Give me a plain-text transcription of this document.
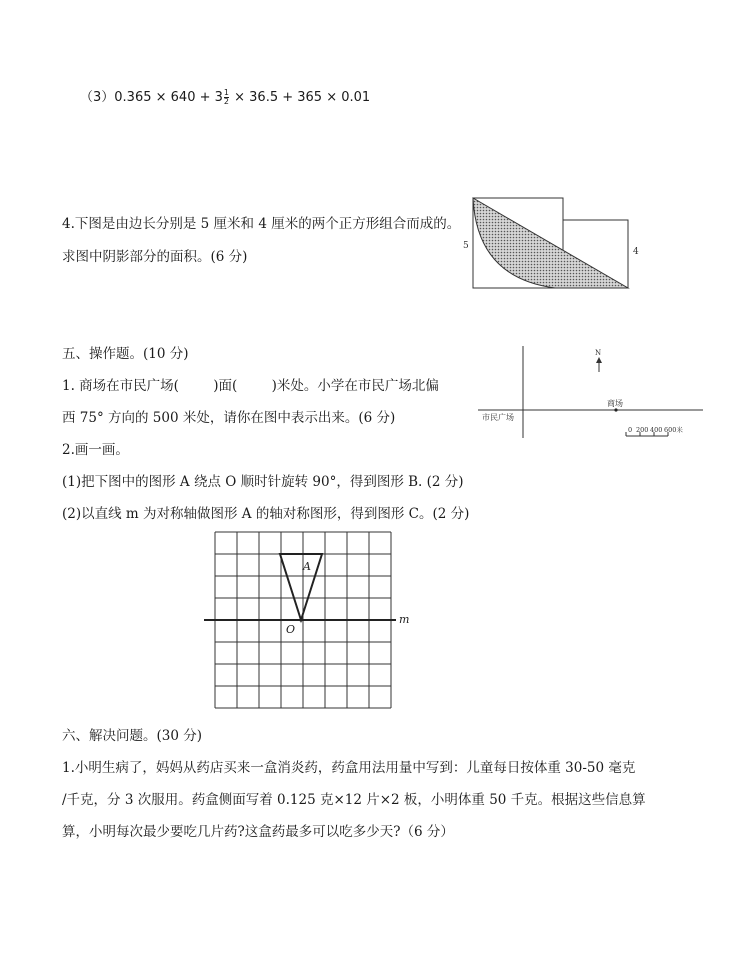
$(3)0.365 \times 640 + 3 \frac{1}{2} \times 36.5 + 365 \times 0.01$
4.下图是由边长分别是 5 厘米和 4 厘米的两个正方形组合而成的。
求图中阴影部分的面积。(6 分)
5
4
五、操作题。(10 分)
1. 商场在市民广场(        )面(        )米处。小学在市民广场北偏
西 75° 方向的 500 米处，请你在图中表示出来。(6 分)
2.画一画。
(1)把下图中的图形 A 绕点 O 顺时针旋转 90°，得到图形 B. (2 分)
(2)以直线 m 为对称轴做图形 A 的轴对称图形，得到图形 C。(2 分)
N
商场
市民广场
0 200 400 600米
A
O
m
六、解决问题。(30 分)
1.小明生病了，妈妈从药店买来一盒消炎药，药盒用法用量中写到：儿童每日按体重 30-50 毫克
/千克，分 3 次服用。药盒侧面写着 0.125 克×12 片×2 板，小明体重 50 千克。根据这些信息算
算，小明每次最少要吃几片药?这盒药最多可以吃多少天?（6 分）
